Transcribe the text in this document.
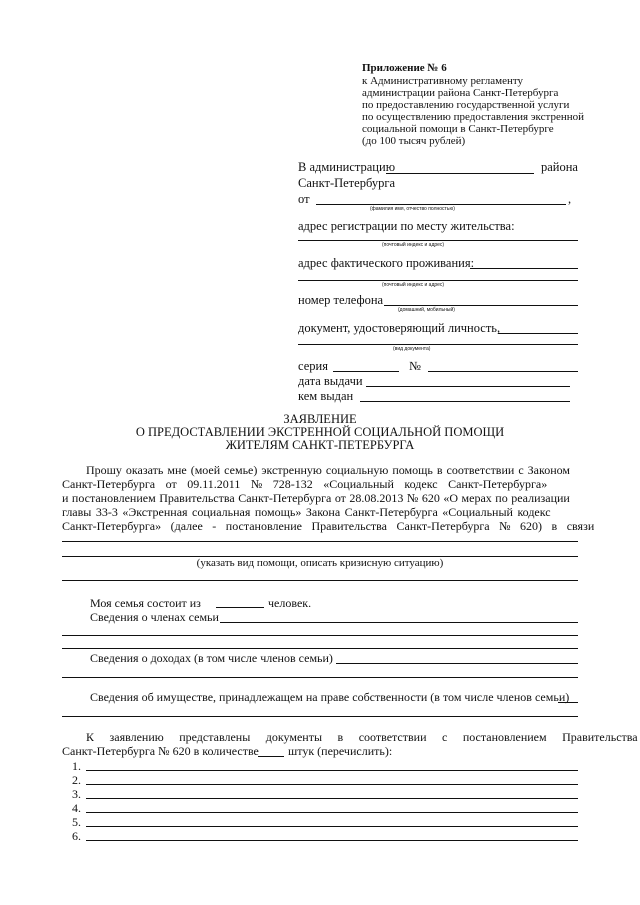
Приложение № 6
к Административному регламенту
администрации района Санкт-Петербурга
по предоставлению государственной услуги
по осуществлению предоставления экстренной
социальной помощи в Санкт-Петербурге
(до 100 тысяч рублей)
В администрацию	района
Санкт-Петербурга
от	,
(фамилия имя, отчество полностью)
адрес регистрации по месту жительства:
(почтовый индекс и адрес)
адрес фактического проживания:
(почтовый индекс и адрес)
номер телефона
(домашний, мобильный)
документ, удостоверяющий личность,
(вид документа)
серия	№
дата выдачи
кем выдан
ЗАЯВЛЕНИЕ
О ПРЕДОСТАВЛЕНИИ ЭКСТРЕННОЙ СОЦИАЛЬНОЙ ПОМОЩИ
ЖИТЕЛЯМ САНКТ-ПЕТЕРБУРГА
Прошу оказать мне (моей семье) экстренную социальную помощь в соответствии с Законом
Санкт-Петербурга от 09.11.2011 № 728-132 «Социальный кодекс Санкт-Петербурга»
и постановлением Правительства Санкт-Петербурга от 28.08.2013 № 620 «О мерах по реализации
главы 33-3 «Экстренная социальная помощь» Закона Санкт-Петербурга «Социальный кодекс
Санкт-Петербурга» (далее - постановление Правительства Санкт-Петербурга № 620) в связи
(указать вид помощи, описать кризисную ситуацию)
Моя семья состоит из	человек.
Сведения о членах семьи
Сведения о доходах (в том числе членов семьи)
Сведения об имуществе, принадлежащем на праве собственности (в том числе членов семьи)
К заявлению представлены документы в соответствии с постановлением Правительства
Санкт-Петербурга № 620 в количестве штук (перечислить):
1.
2.
3.
4.
5.
6.
